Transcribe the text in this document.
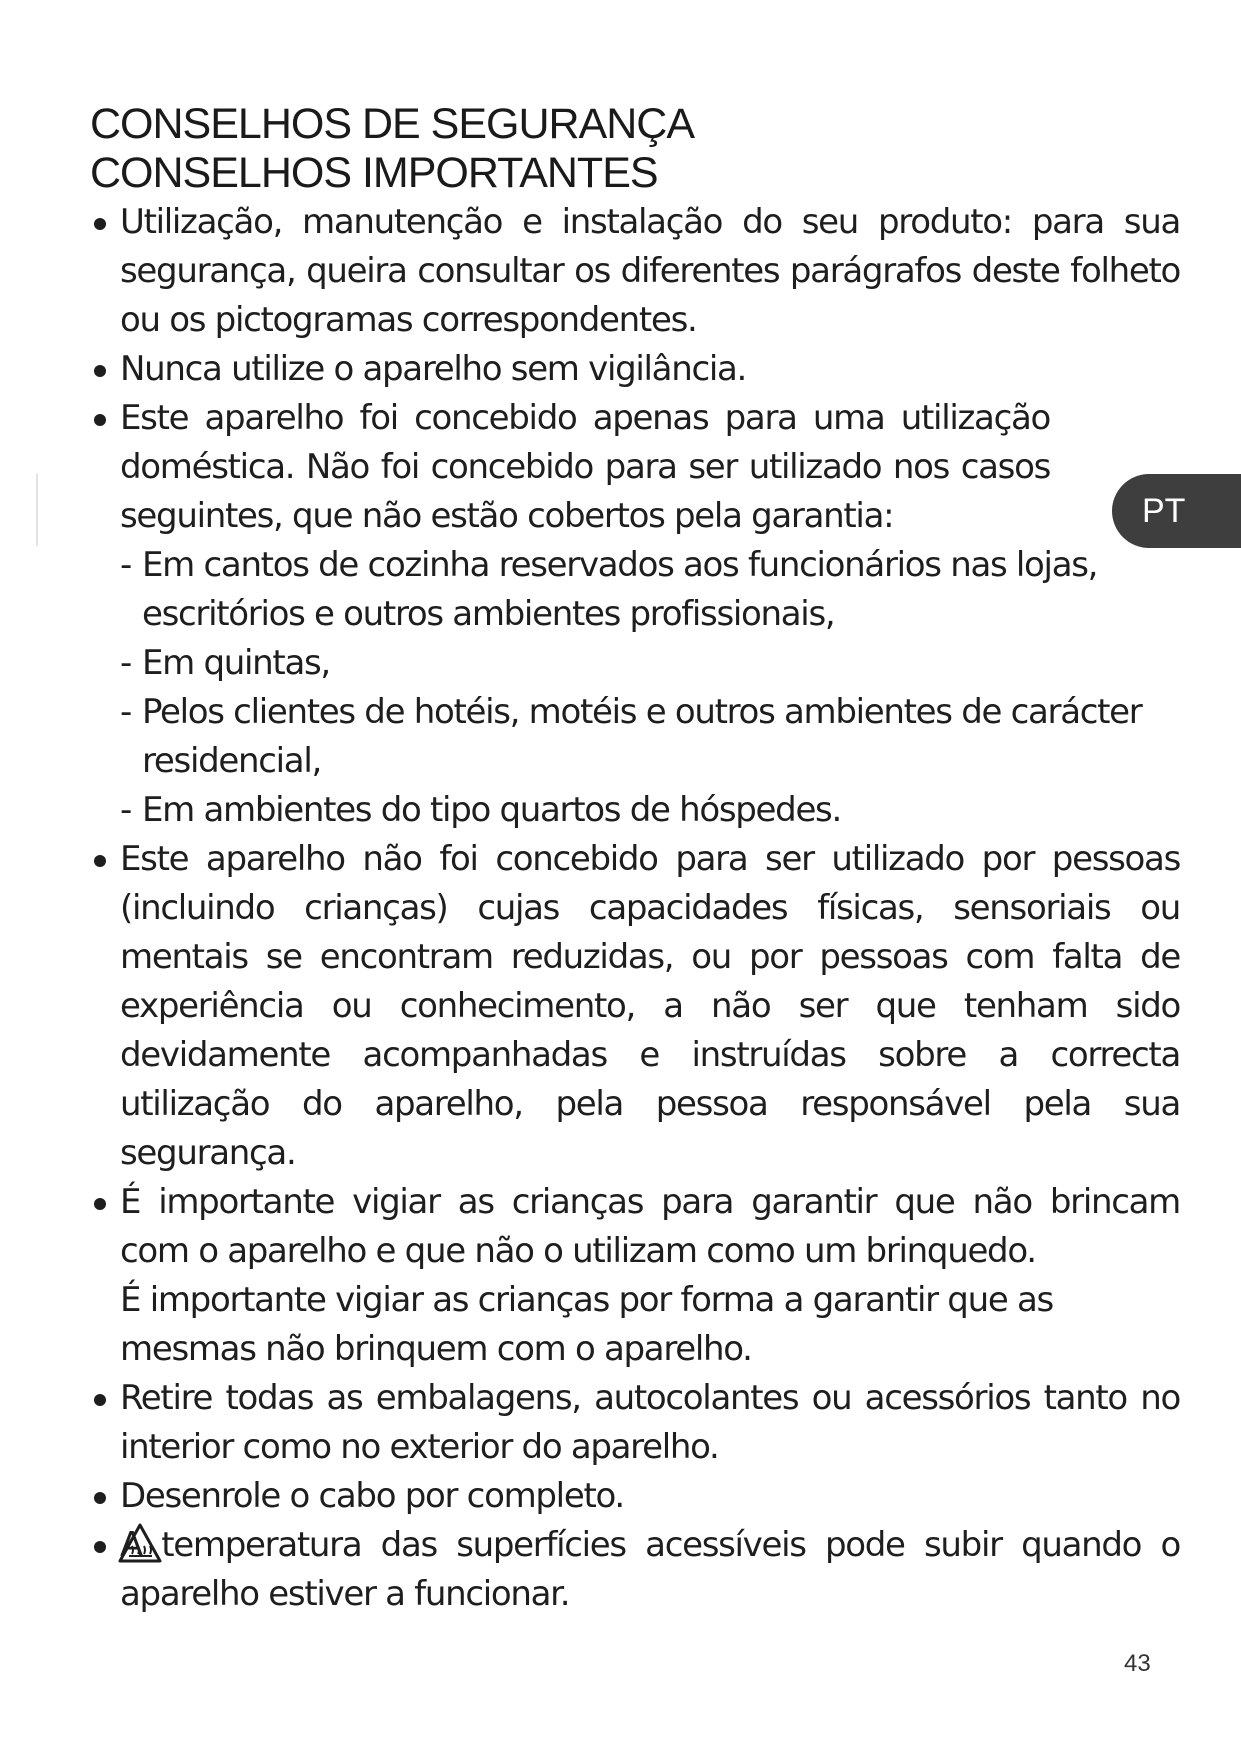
CONSELHOS DE SEGURANÇA
CONSELHOS IMPORTANTES
Utilização, manutenção e instalação do seu produto: para sua segurança, queira consultar os diferentes parágrafos deste folheto ou os pictogramas correspondentes.
Nunca utilize o aparelho sem vigilância.
Este aparelho foi concebido apenas para uma utilização doméstica. Não foi concebido para ser utilizado nos casos seguintes, que não estão cobertos pela garantia:
- Em cantos de cozinha reservados aos funcionários nas lojas, escritórios e outros ambientes profissionais,
- Em quintas,
- Pelos clientes de hotéis, motéis e outros ambientes de carácter residencial,
- Em ambientes do tipo quartos de hóspedes.
Este aparelho não foi concebido para ser utilizado por pessoas (incluindo crianças) cujas capacidades físicas, sensoriais ou mentais se encontram reduzidas, ou por pessoas com falta de experiência ou conhecimento, a não ser que tenham sido devidamente acompanhadas e instruídas sobre a correcta utilização do aparelho, pela pessoa responsável pela sua segurança.
É importante vigiar as crianças para garantir que não brincam com o aparelho e que não o utilizam como um brinquedo.
É importante vigiar as crianças por forma a garantir que as mesmas não brinquem com o aparelho.
Retire todas as embalagens, autocolantes ou acessórios tanto no interior como no exterior do aparelho.
Desenrole o cabo por completo.
A temperatura das superfícies acessíveis pode subir quando o aparelho estiver a funcionar.
PT
43
